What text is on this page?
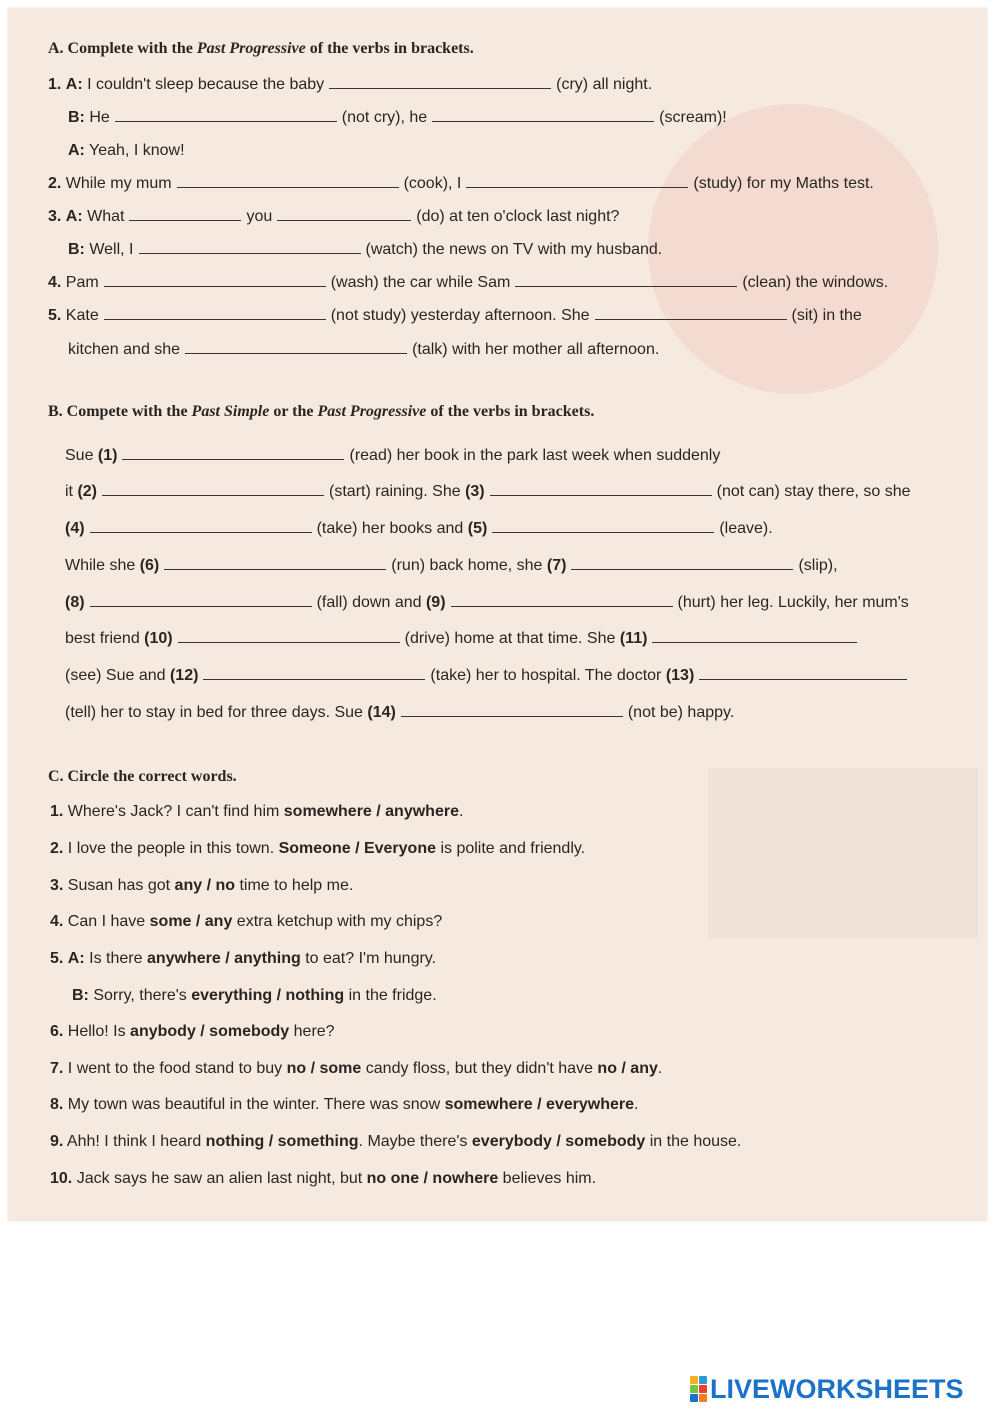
A. Complete with the Past Progressive of the verbs in brackets.
1. A: I couldn't sleep because the baby	(cry) all night.
B: He	(not cry), he	(scream)!
A: Yeah, I know!
2. While my mum	(cook), I	(study) for my Maths test.
3. A: What	you	(do) at ten o'clock last night?
B: Well, I	(watch) the news on TV with my husband.
4. Pam	(wash) the car while Sam	(clean) the windows.
5. Kate	(not study) yesterday afternoon. She	(sit) in the
kitchen and she	(talk) with her mother all afternoon.
B. Compete with the Past Simple or the Past Progressive of the verbs in brackets.
Sue (1)	(read) her book in the park last week when suddenly
it (2)	(start) raining. She (3)	(not can) stay there, so she
(4)	(take) her books and (5)	(leave).
While she (6)	(run) back home, she (7)	(slip),
(8)	(fall) down and (9)	(hurt) her leg. Luckily, her mum's
best friend (10)	(drive) home at that time. She (11)
(see) Sue and (12)	(take) her to hospital. The doctor (13)
(tell) her to stay in bed for three days. Sue (14)	(not be) happy.
C. Circle the correct words.
1. Where's Jack? I can't find him somewhere / anywhere.
2. I love the people in this town. Someone / Everyone is polite and friendly.
3. Susan has got any / no time to help me.
4. Can I have some / any extra ketchup with my chips?
5. A: Is there anywhere / anything to eat? I'm hungry.
B: Sorry, there's everything / nothing in the fridge.
6. Hello! Is anybody / somebody here?
7. I went to the food stand to buy no / some candy floss, but they didn't have no / any.
8. My town was beautiful in the winter. There was snow somewhere / everywhere.
9. Ahh! I think I heard nothing / something. Maybe there's everybody / somebody in the house.
10. Jack says he saw an alien last night, but no one / nowhere believes him.
LIVEWORKSHEETS
